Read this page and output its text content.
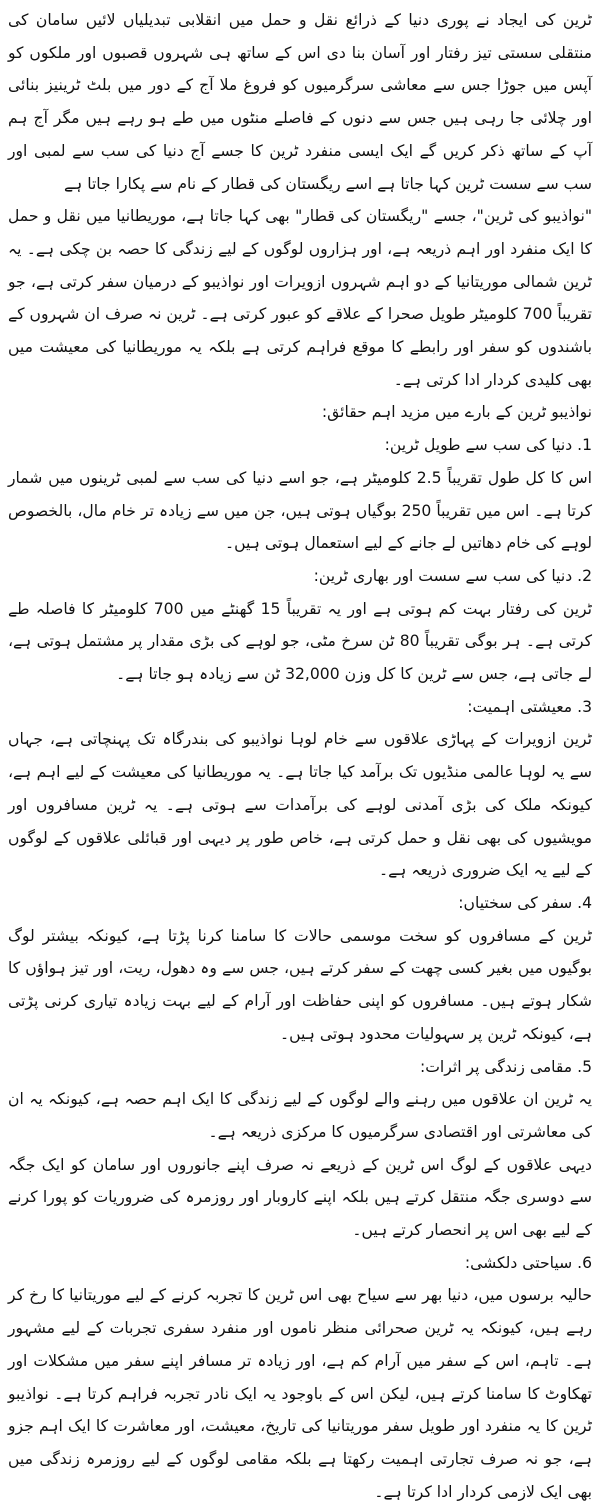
ٹرین کی ایجاد نے پوری دنیا کے ذرائع نقل و حمل میں انقلابی تبدیلیاں لائیں سامان کی منتقلی سستی تیز رفتار اور آسان بنا دی اس کے ساتھ ہی شہروں قصبوں اور ملکوں کو آپس میں جوڑا جس سے معاشی سرگرمیوں کو فروغ ملا آج کے دور میں بلٹ ٹرینیز بنائی اور چلائی جا رہی ہیں جس سے دنوں کے فاصلے منٹوں میں طے ہو رہے ہیں مگر آج ہم آپ کے ساتھ ذکر کریں گے ایک ایسی منفرد ٹرین کا جسے آج دنیا کی سب سے لمبی اور سب سے سست ٹرین کہا جاتا ہے اسے ریگستان کی قطار کے نام سے پکارا جاتا ہے

"نواذیبو کی ٹرین"، جسے "ریگستان کی قطار" بھی کہا جاتا ہے، موریطانیا میں نقل و حمل کا ایک منفرد اور اہم ذریعہ ہے، اور ہزاروں لوگوں کے لیے زندگی کا حصہ بن چکی ہے۔ یہ ٹرین شمالی موریتانیا کے دو اہم شہروں ازویرات اور نواذیبو کے درمیان سفر کرتی ہے، جو تقریباً 700 کلومیٹر طویل صحرا کے علاقے کو عبور کرتی ہے۔ ٹرین نہ صرف ان شہروں کے باشندوں کو سفر اور رابطے کا موقع فراہم کرتی ہے بلکہ یہ موریطانیا کی معیشت میں بھی کلیدی کردار ادا کرتی ہے۔

نواذیبو ٹرین کے بارے میں مزید اہم حقائق:

1. دنیا کی سب سے طویل ٹرین:

اس کا کل طول تقریباً 2.5 کلومیٹر ہے، جو اسے دنیا کی سب سے لمبی ٹرینوں میں شمار کرتا ہے۔ اس میں تقریباً 250 بوگیاں ہوتی ہیں، جن میں سے زیادہ تر خام مال، بالخصوص لوہے کی خام دھاتیں لے جانے کے لیے استعمال ہوتی ہیں۔

2. دنیا کی سب سے سست اور بھاری ٹرین:

ٹرین کی رفتار بہت کم ہوتی ہے اور یہ تقریباً 15 گھنٹے میں 700 کلومیٹر کا فاصلہ طے کرتی ہے۔ ہر بوگی تقریباً 80 ٹن سرخ مٹی، جو لوہے کی بڑی مقدار پر مشتمل ہوتی ہے، لے جاتی ہے، جس سے ٹرین کا کل وزن 32,000 ٹن سے زیادہ ہو جاتا ہے۔

3. معیشتی اہمیت:

ٹرین ازویرات کے پہاڑی علاقوں سے خام لوہا نواذیبو کی بندرگاہ تک پہنچاتی ہے، جہاں سے یہ لوہا عالمی منڈیوں تک برآمد کیا جاتا ہے۔ یہ موریطانیا کی معیشت کے لیے اہم ہے، کیونکہ ملک کی بڑی آمدنی لوہے کی برآمدات سے ہوتی ہے۔ یہ ٹرین مسافروں اور مویشیوں کی بھی نقل و حمل کرتی ہے، خاص طور پر دیہی اور قبائلی علاقوں کے لوگوں کے لیے یہ ایک ضروری ذریعہ ہے۔

4. سفر کی سختیاں:

ٹرین کے مسافروں کو سخت موسمی حالات کا سامنا کرنا پڑتا ہے، کیونکہ بیشتر لوگ بوگیوں میں بغیر کسی چھت کے سفر کرتے ہیں، جس سے وہ دھول، ریت، اور تیز ہواؤں کا شکار ہوتے ہیں۔ مسافروں کو اپنی حفاظت اور آرام کے لیے بہت زیادہ تیاری کرنی پڑتی ہے، کیونکہ ٹرین پر سہولیات محدود ہوتی ہیں۔

5. مقامی زندگی پر اثرات:

یہ ٹرین ان علاقوں میں رہنے والے لوگوں کے لیے زندگی کا ایک اہم حصہ ہے، کیونکہ یہ ان کی معاشرتی اور اقتصادی سرگرمیوں کا مرکزی ذریعہ ہے۔

دیہی علاقوں کے لوگ اس ٹرین کے ذریعے نہ صرف اپنے جانوروں اور سامان کو ایک جگہ سے دوسری جگہ منتقل کرتے ہیں بلکہ اپنے کاروبار اور روزمرہ کی ضروریات کو پورا کرنے کے لیے بھی اس پر انحصار کرتے ہیں۔

6. سیاحتی دلکشی:

حالیہ برسوں میں، دنیا بھر سے سیاح بھی اس ٹرین کا تجربہ کرنے کے لیے موریتانیا کا رخ کر رہے ہیں، کیونکہ یہ ٹرین صحرائی منظر ناموں اور منفرد سفری تجربات کے لیے مشہور ہے۔ تاہم، اس کے سفر میں آرام کم ہے، اور زیادہ تر مسافر اپنے سفر میں مشکلات اور تھکاوٹ کا سامنا کرتے ہیں، لیکن اس کے باوجود یہ ایک نادر تجربہ فراہم کرتا ہے۔ نواذیبو ٹرین کا یہ منفرد اور طویل سفر موریتانیا کی تاریخ، معیشت، اور معاشرت کا ایک اہم جزو ہے، جو نہ صرف تجارتی اہمیت رکھتا ہے بلکہ مقامی لوگوں کے لیے روزمرہ زندگی میں بھی ایک لازمی کردار ادا کرتا ہے۔
